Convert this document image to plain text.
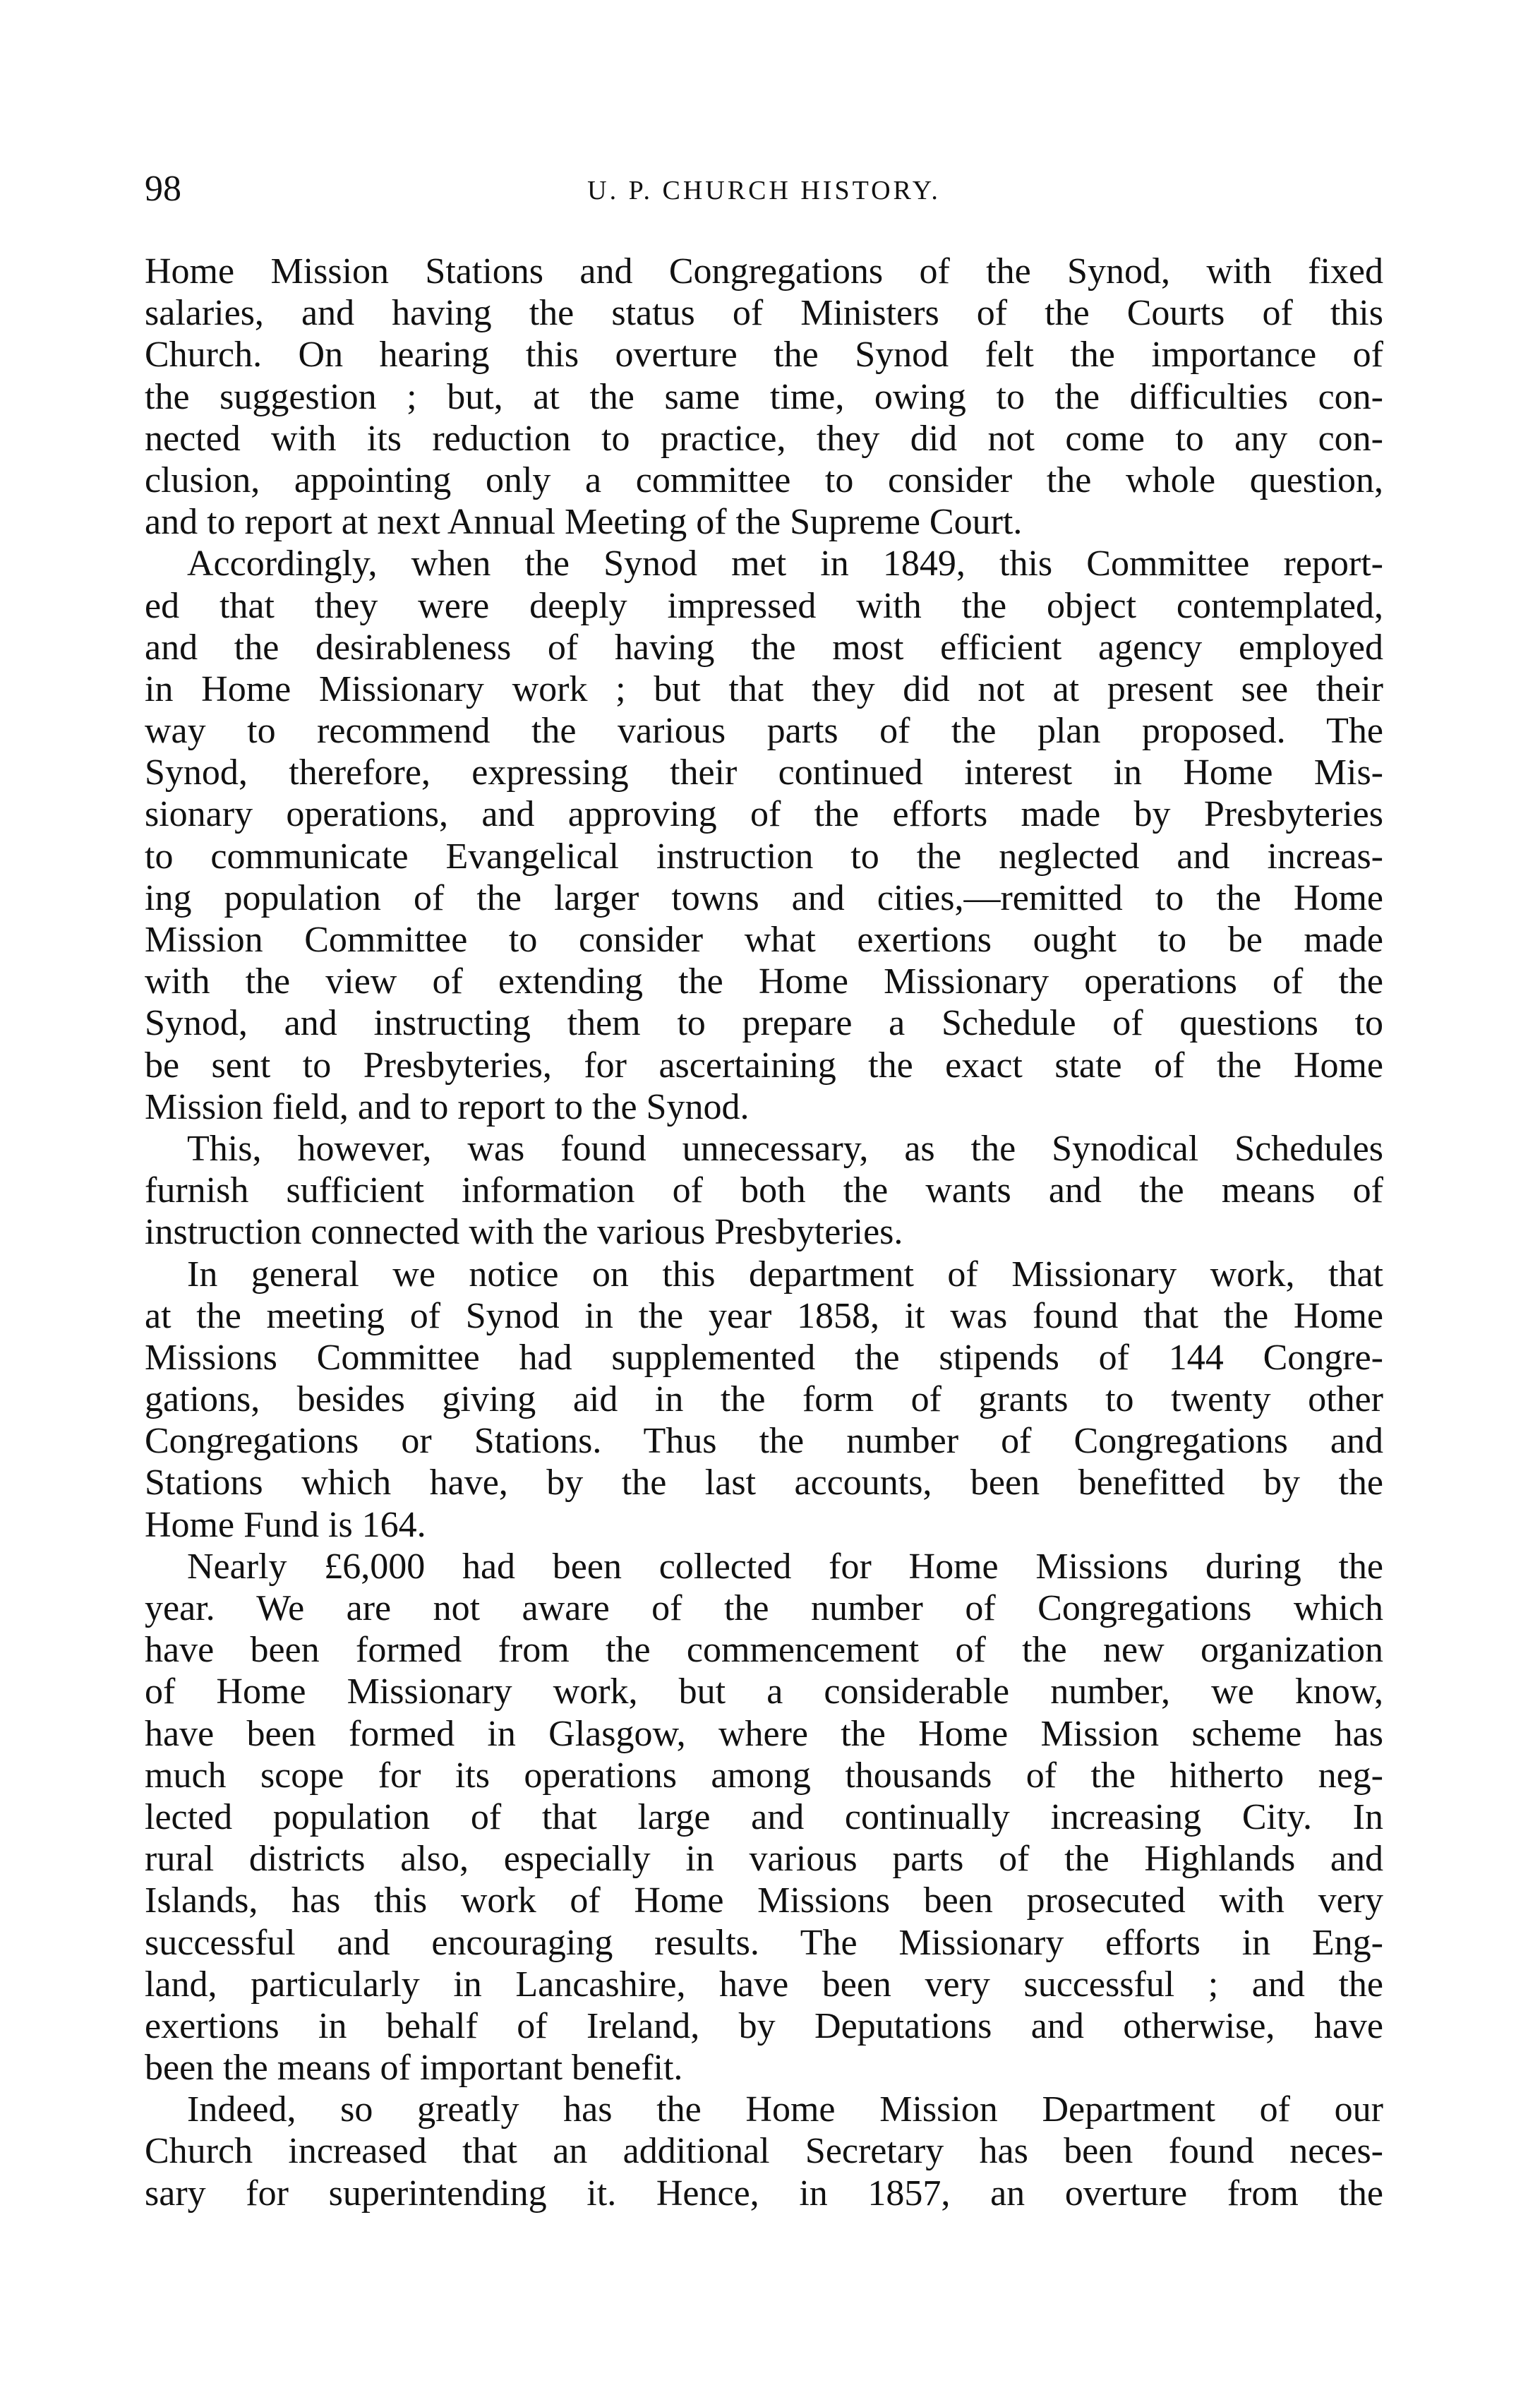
98	U. P. CHURCH HISTORY.
Home Mission Stations and Congregations of the Synod, with fixed
salaries, and having the status of Ministers of the Courts of this
Church. On hearing this overture the Synod felt the importance of
the suggestion ; but, at the same time, owing to the difficulties con-
nected with its reduction to practice, they did not come to any con-
clusion, appointing only a committee to consider the whole question,
and to report at next Annual Meeting of the Supreme Court.
Accordingly, when the Synod met in 1849, this Committee report-
ed that they were deeply impressed with the object contemplated,
and the desirableness of having the most efficient agency employed
in Home Missionary work ; but that they did not at present see their
way to recommend the various parts of the plan proposed. The
Synod, therefore, expressing their continued interest in Home Mis-
sionary operations, and approving of the efforts made by Presbyteries
to communicate Evangelical instruction to the neglected and increas-
ing population of the larger towns and cities,—remitted to the Home
Mission Committee to consider what exertions ought to be made
with the view of extending the Home Missionary operations of the
Synod, and instructing them to prepare a Schedule of questions to
be sent to Presbyteries, for ascertaining the exact state of the Home
Mission field, and to report to the Synod.
This, however, was found unnecessary, as the Synodical Schedules
furnish sufficient information of both the wants and the means of
instruction connected with the various Presbyteries.
In general we notice on this department of Missionary work, that
at the meeting of Synod in the year 1858, it was found that the Home
Missions Committee had supplemented the stipends of 144 Congre-
gations, besides giving aid in the form of grants to twenty other
Congregations or Stations. Thus the number of Congregations and
Stations which have, by the last accounts, been benefitted by the
Home Fund is 164.
Nearly £6,000 had been collected for Home Missions during the
year. We are not aware of the number of Congregations which
have been formed from the commencement of the new organization
of Home Missionary work, but a considerable number, we know,
have been formed in Glasgow, where the Home Mission scheme has
much scope for its operations among thousands of the hitherto neg-
lected population of that large and continually increasing City. In
rural districts also, especially in various parts of the Highlands and
Islands, has this work of Home Missions been prosecuted with very
successful and encouraging results. The Missionary efforts in Eng-
land, particularly in Lancashire, have been very successful ; and the
exertions in behalf of Ireland, by Deputations and otherwise, have
been the means of important benefit.
Indeed, so greatly has the Home Mission Department of our
Church increased that an additional Secretary has been found neces-
sary for superintending it. Hence, in 1857, an overture from the
